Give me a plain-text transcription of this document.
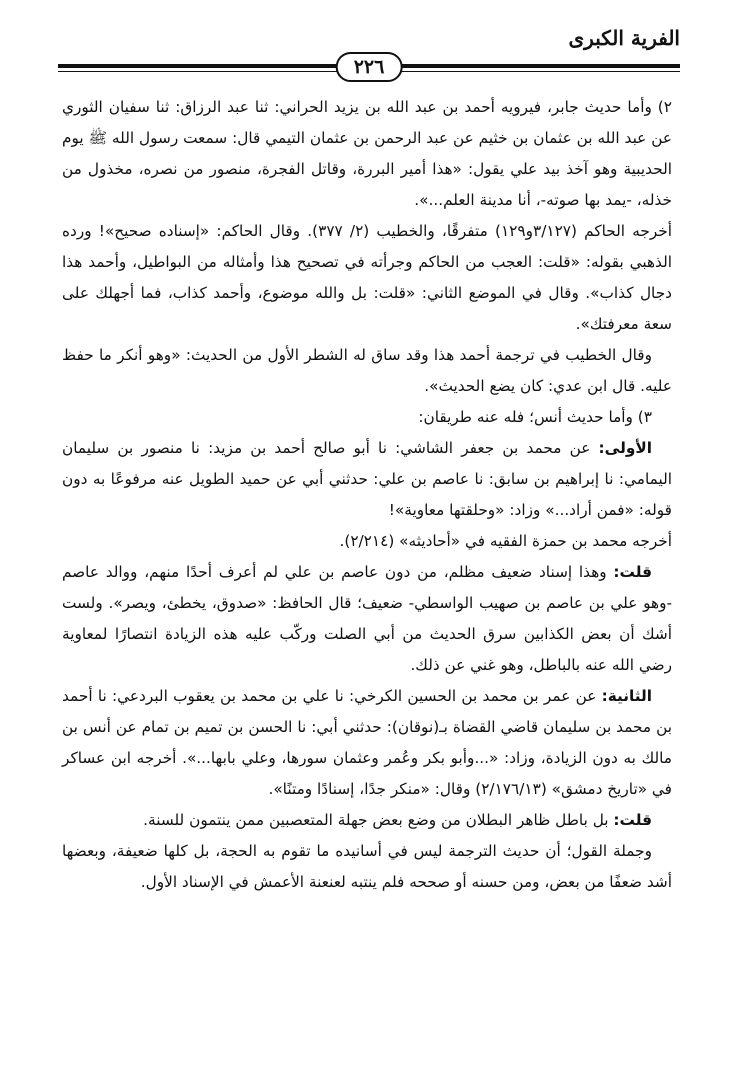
الفرية الكبرى
٢٢٦

٢) وأما حديث جابر، فيرويه أحمد بن عبد الله بن يزيد الحراني: ثنا عبد الرزاق: ثنا سفيان الثوري عن عبد الله بن عثمان بن خثيم عن عبد الرحمن بن عثمان التيمي قال: سمعت رسول الله ﷺ يوم الحديبية وهو آخذ بيد علي يقول: «هذا أمير البررة، وقاتل الفجرة، منصور من نصره، مخذول من خذله، -يمد بها صوته-، أنا مدينة العلم...».

أخرجه الحاكم (٣/١٢٧و١٢٩) متفرقًا، والخطيب (٢/ ٣٧٧). وقال الحاكم: «إسناده صحيح»! ورده الذهبي بقوله: «قلت: العجب من الحاكم وجرأته في تصحيح هذا وأمثاله من البواطيل، وأحمد هذا دجال كذاب». وقال في الموضع الثاني: «قلت: بل والله موضوع، وأحمد كذاب، فما أجهلك على سعة معرفتك».

وقال الخطيب في ترجمة أحمد هذا وقد ساق له الشطر الأول من الحديث: «وهو أنكر ما حفظ عليه. قال ابن عدي: كان يضع الحديث».

٣) وأما حديث أنس؛ فله عنه طريقان:

الأولى: عن محمد بن جعفر الشاشي: نا أبو صالح أحمد بن مزيد: نا منصور بن سليمان اليمامي: نا إبراهيم بن سابق: نا عاصم بن علي: حدثني أبي عن حميد الطويل عنه مرفوعًا به دون قوله: «فمن أراد...» وزاد: «وحلقتها معاوية»!

أخرجه محمد بن حمزة الفقيه في «أحاديثه» (٢/٢١٤).

قلت: وهذا إسناد ضعيف مظلم، من دون عاصم بن علي لم أعرف أحدًا منهم، ووالد عاصم -وهو علي بن عاصم بن صهيب الواسطي- ضعيف؛ قال الحافظ: «صدوق، يخطئ، ويصر». ولست أشك أن بعض الكذابين سرق الحديث من أبي الصلت وركّب عليه هذه الزيادة انتصارًا لمعاوية رضي الله عنه بالباطل، وهو غني عن ذلك.

الثانية: عن عمر بن محمد بن الحسين الكرخي: نا علي بن محمد بن يعقوب البردعي: نا أحمد بن محمد بن سليمان قاضي القضاة بـ(نوقان): حدثني أبي: نا الحسن بن تميم بن تمام عن أنس بن مالك به دون الزيادة، وزاد: «...وأبو بكر وعُمر وعثمان سورها، وعلي بابها...». أخرجه ابن عساكر في «تاريخ دمشق» (٢/١٧٦/١٣) وقال: «منكر جدًا، إسنادًا ومتنًا».

قلت: بل باطل ظاهر البطلان من وضع بعض جهلة المتعصبين ممن ينتمون للسنة.

وجملة القول؛ أن حديث الترجمة ليس في أسانيده ما تقوم به الحجة، بل كلها ضعيفة، وبعضها أشد ضعفًا من بعض، ومن حسنه أو صححه فلم ينتبه لعنعنة الأعمش في الإسناد الأول.
